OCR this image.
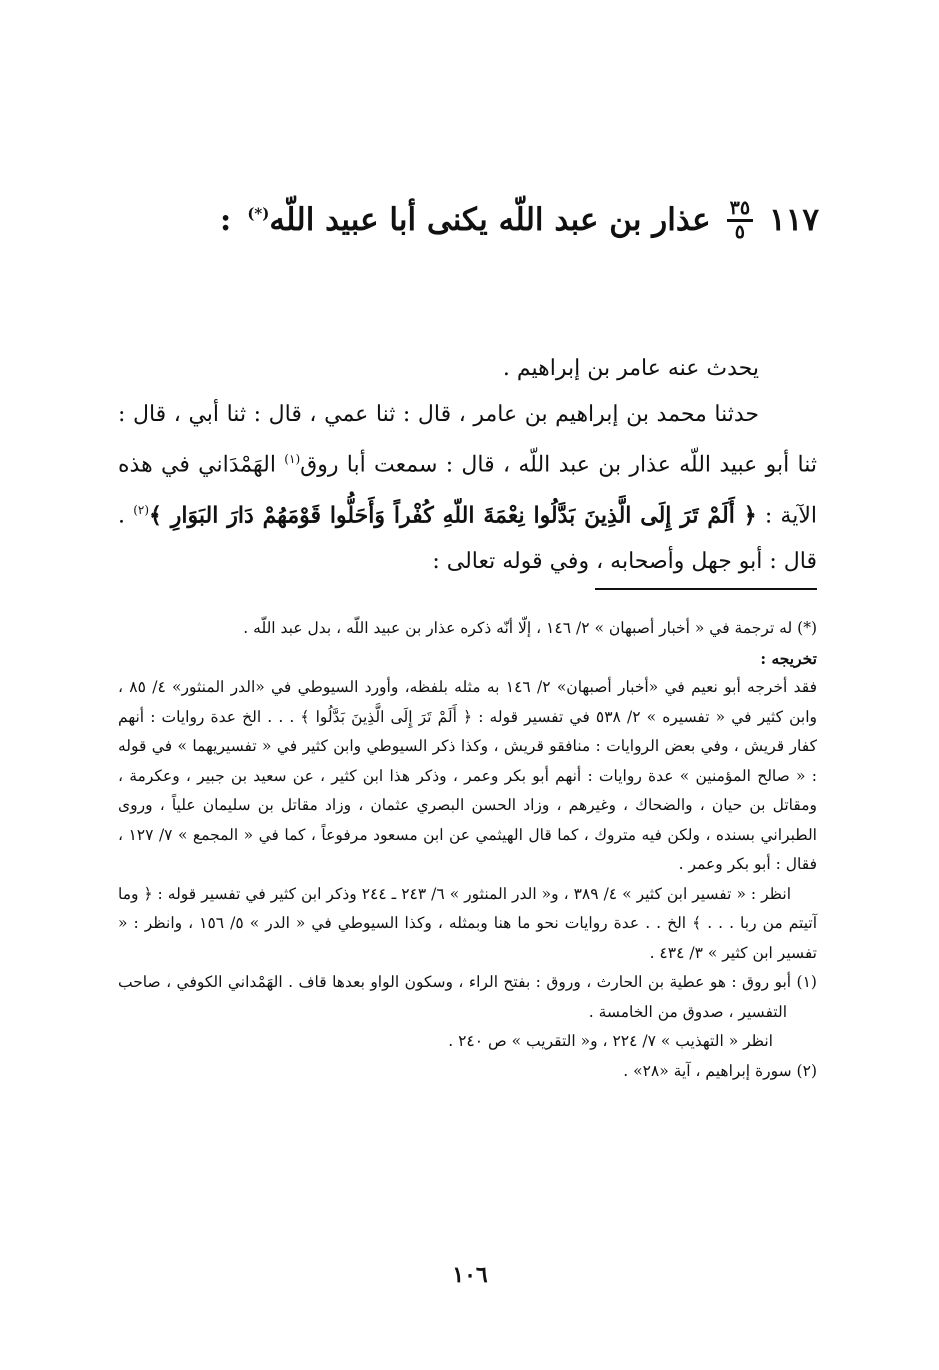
١١٧
$\frac{٣٥}{٥}$
عذار بن عبد اللّه يكنى أبا عبيد اللّه(*)
:

يحدث عنه عامر بن إبراهيم .

حدثنا محمد بن إبراهيم بن عامر ، قال : ثنا عمي ، قال : ثنا أبي ، قال : ثنا أبو عبيد اللّه عذار بن عبد اللّه ، قال : سمعت أبا روق$^{(١)}$ الهَمْدَاني في هذه الآية : ﴿ أَلَمْ تَرَ إِلَى الَّذِينَ بَدَّلُوا نِعْمَةَ اللّهِ كُفْراً وَأَحَلُّوا قَوْمَهُمْ دَارَ البَوَارِ ﴾$^{(٢)}$ . قال : أبو جهل وأصحابه ، وفي قوله تعالى :

(*) له ترجمة في « أخبار أصبهان » ٢/ ١٤٦ ، إلّا أنّه ذكره عذار بن عبيد اللّه ، بدل عبد اللّه .

تخريجه :

فقد أخرجه أبو نعيم في «أخبار أصبهان» ٢/ ١٤٦ به مثله بلفظه، وأورد السيوطي في «الدر المنثور» ٤/ ٨٥ ، وابن كثير في « تفسيره » ٢/ ٥٣٨ في تفسير قوله : ﴿ أَلَمْ تَرَ إِلَى الَّذِينَ بَدَّلُوا ﴾ . . . الخ عدة روايات : أنهم كفار قريش ، وفي بعض الروايات : منافقو قريش ، وكذا ذكر السيوطي وابن كثير في « تفسيريهما » في قوله : « صالح المؤمنين » عدة روايات : أنهم أبو بكر وعمر ، وذكر هذا ابن كثير ، عن سعيد بن جبير ، وعكرمة ، ومقاتل بن حيان ، والضحاك ، وغيرهم ، وزاد الحسن البصري عثمان ، وزاد مقاتل بن سليمان علياً ، وروى الطبراني بسنده ، ولكن فيه متروك ، كما قال الهيثمي عن ابن مسعود مرفوعاً ، كما في « المجمع » ٧/ ١٢٧ ، فقال : أبو بكر وعمر .

انظر : « تفسير ابن كثير » ٤/ ٣٨٩ ، و« الدر المنثور » ٦/ ٢٤٣ ـ ٢٤٤ وذكر ابن كثير في تفسير قوله : ﴿ وما آتيتم من ربا . . . ﴾ الخ . . عدة روايات نحو ما هنا وبمثله ، وكذا السيوطي في « الدر » ٥/ ١٥٦ ، وانظر : « تفسير ابن كثير » ٣/ ٤٣٤ .

(١) أبو روق : هو عطية بن الحارث ، وروق : بفتح الراء ، وسكون الواو بعدها قاف . الهَمْداني الكوفي ، صاحب التفسير ، صدوق من الخامسة .

انظر « التهذيب » ٧/ ٢٢٤ ، و« التقريب » ص ٢٤٠ .

(٢) سورة إبراهيم ، آية «٢٨» .

١٠٦
